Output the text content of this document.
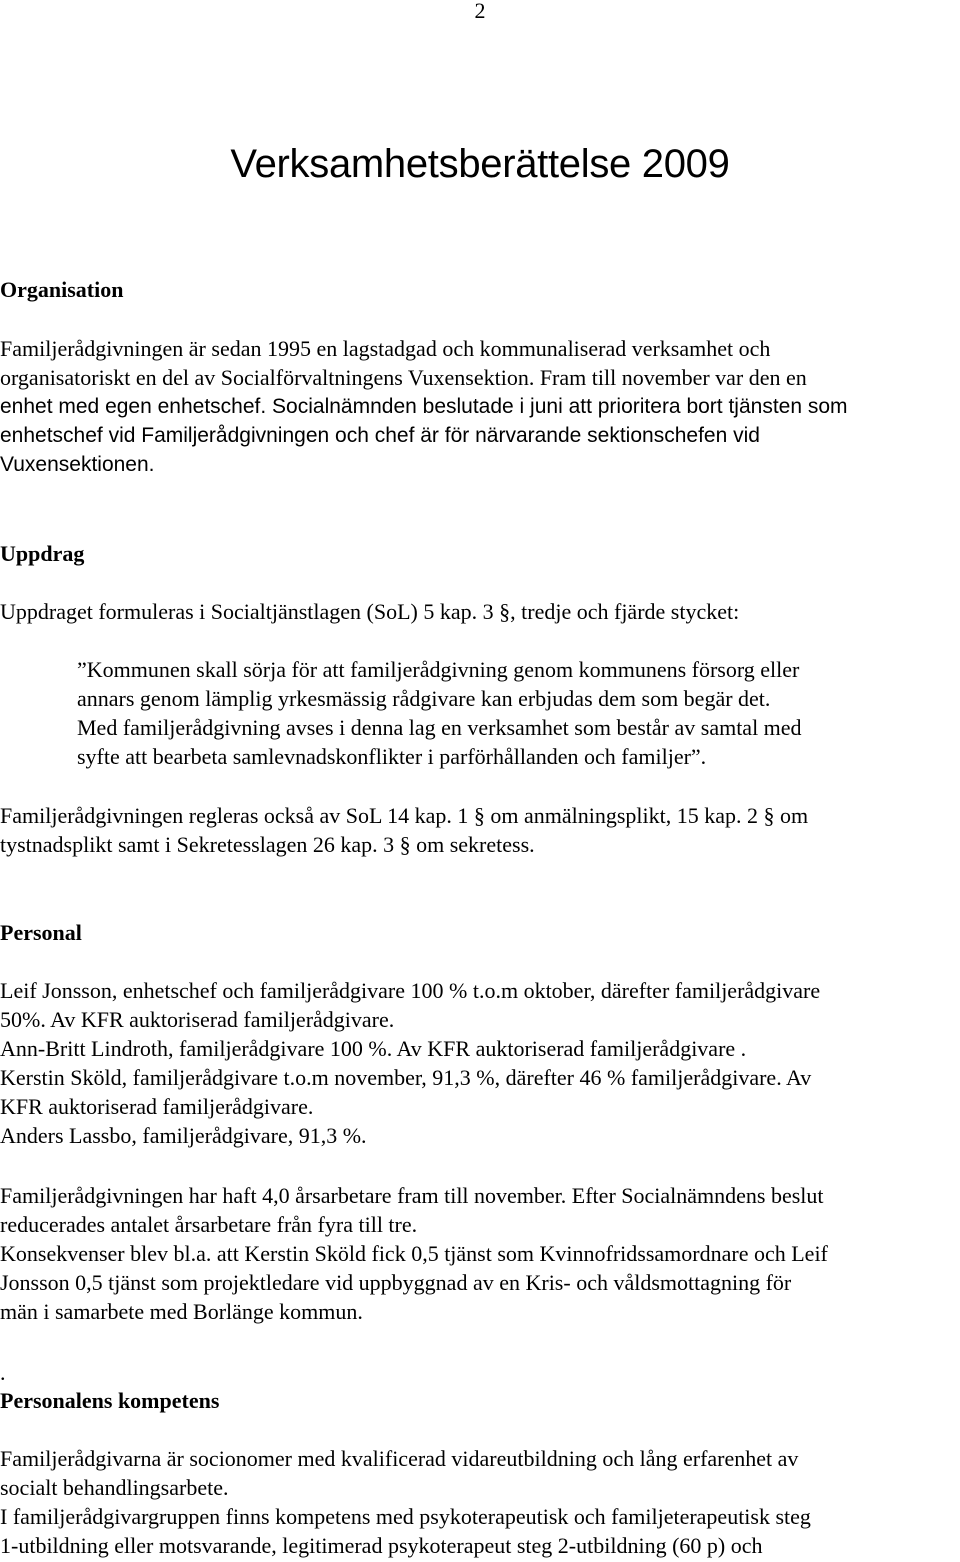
2
Verksamhetsberättelse 2009
Organisation
Familjerådgivningen är sedan 1995 en lagstadgad och kommunaliserad verksamhet och
organisatoriskt en del av Socialförvaltningens Vuxensektion. Fram till november var den en
enhet med egen enhetschef. Socialnämnden beslutade i juni att prioritera bort tjänsten som
enhetschef vid Familjerådgivningen och chef är för närvarande sektionschefen vid
Vuxensektionen.
Uppdrag
Uppdraget formuleras i Socialtjänstlagen (SoL) 5 kap. 3 §, tredje och fjärde stycket:
”Kommunen skall sörja för att familjerådgivning genom kommunens försorg eller
annars genom lämplig yrkesmässig rådgivare kan erbjudas dem som begär det.
Med familjerådgivning avses i denna lag en verksamhet som består av samtal med
syfte att bearbeta samlevnadskonflikter i parförhållanden och familjer”.
Familjerådgivningen regleras också av SoL 14 kap. 1 § om anmälningsplikt, 15 kap. 2 § om
tystnadsplikt samt i Sekretesslagen 26 kap. 3 § om sekretess.
Personal
Leif Jonsson, enhetschef och familjerådgivare 100 % t.o.m oktober, därefter familjerådgivare
50%. Av KFR auktoriserad familjerådgivare.
Ann-Britt Lindroth, familjerådgivare 100 %. Av KFR auktoriserad familjerådgivare .
Kerstin Sköld, familjerådgivare t.o.m november, 91,3 %, därefter 46 % familjerådgivare. Av
KFR auktoriserad familjerådgivare.
Anders Lassbo, familjerådgivare, 91,3 %.
Familjerådgivningen har haft 4,0 årsarbetare fram till november. Efter Socialnämndens beslut
reducerades antalet årsarbetare från fyra till tre.
Konsekvenser blev bl.a. att Kerstin Sköld fick 0,5 tjänst som Kvinnofridssamordnare och Leif
Jonsson 0,5 tjänst som projektledare vid uppbyggnad av en Kris- och våldsmottagning för
män i samarbete med Borlänge kommun.
.
Personalens kompetens
Familjerådgivarna är socionomer med kvalificerad vidareutbildning och lång erfarenhet av
socialt behandlingsarbete.
I familjerådgivargruppen finns kompetens med psykoterapeutisk och familjeterapeutisk steg
1-utbildning eller motsvarande, legitimerad psykoterapeut steg 2-utbildning (60 p) och
